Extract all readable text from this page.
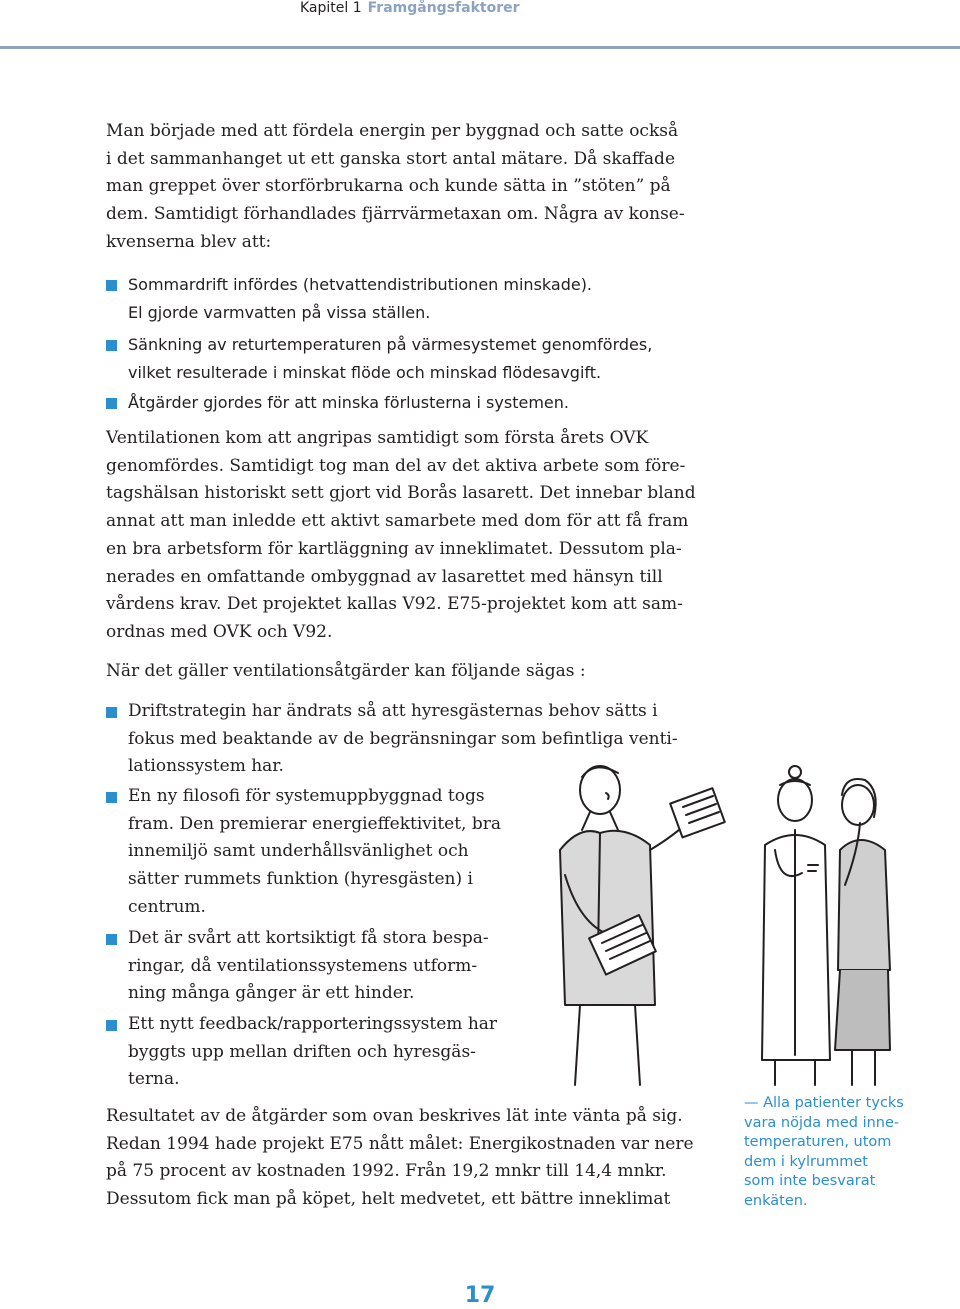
Kapitel 1 Framgångsfaktorer
Man började med att fördela energin per byggnad och satte också
i det sammanhanget ut ett ganska stort antal mätare. Då skaffade
man greppet över storförbrukarna och kunde sätta in ”stöten” på
dem. Samtidigt förhandlades fjärrvärmetaxan om. Några av konse-
kvenserna blev att:
Sommardrift infördes (hetvattendistributionen minskade).
El gjorde varmvatten på vissa ställen.
Sänkning av returtemperaturen på värmesystemet genomfördes,
vilket resulterade i minskat flöde och minskad flödesavgift.
Åtgärder gjordes för att minska förlusterna i systemen.
Ventilationen kom att angripas samtidigt som första årets OVK
genomfördes. Samtidigt tog man del av det aktiva arbete som före-
tagshälsan historiskt sett gjort vid Borås lasarett. Det innebar bland
annat att man inledde ett aktivt samarbete med dom för att få fram
en bra arbetsform för kartläggning av inneklimatet. Dessutom pla-
nerades en omfattande ombyggnad av lasarettet med hänsyn till
vårdens krav. Det projektet kallas V92. E75-projektet kom att sam-
ordnas med OVK och V92.
När det gäller ventilationsåtgärder kan följande sägas :
Driftstrategin har ändrats så att hyresgästernas behov sätts i
fokus med beaktande av de begränsningar som befintliga venti-
lationssystem har.
En ny filosofi för systemuppbyggnad togs
fram. Den premierar energieffektivitet, bra
innemiljö samt underhållsvänlighet och
sätter rummets funktion (hyresgästen) i
centrum.
Det är svårt att kortsiktigt få stora bespa-
ringar, då ventilationssystemens utform-
ning många gånger är ett hinder.
Ett nytt feedback/rapporteringssystem har
byggts upp mellan driften och hyresgäs-
terna.
Resultatet av de åtgärder som ovan beskrives lät inte vänta på sig.
Redan 1994 hade projekt E75 nått målet: Energikostnaden var nere
på 75 procent av kostnaden 1992. Från 19,2 mnkr till 14,4 mnkr.
Dessutom fick man på köpet, helt medvetet, ett bättre inneklimat
— Alla patienter tycks
vara nöjda med inne-
temperaturen, utom
dem i kylrummet
som inte besvarat
enkäten.
17
